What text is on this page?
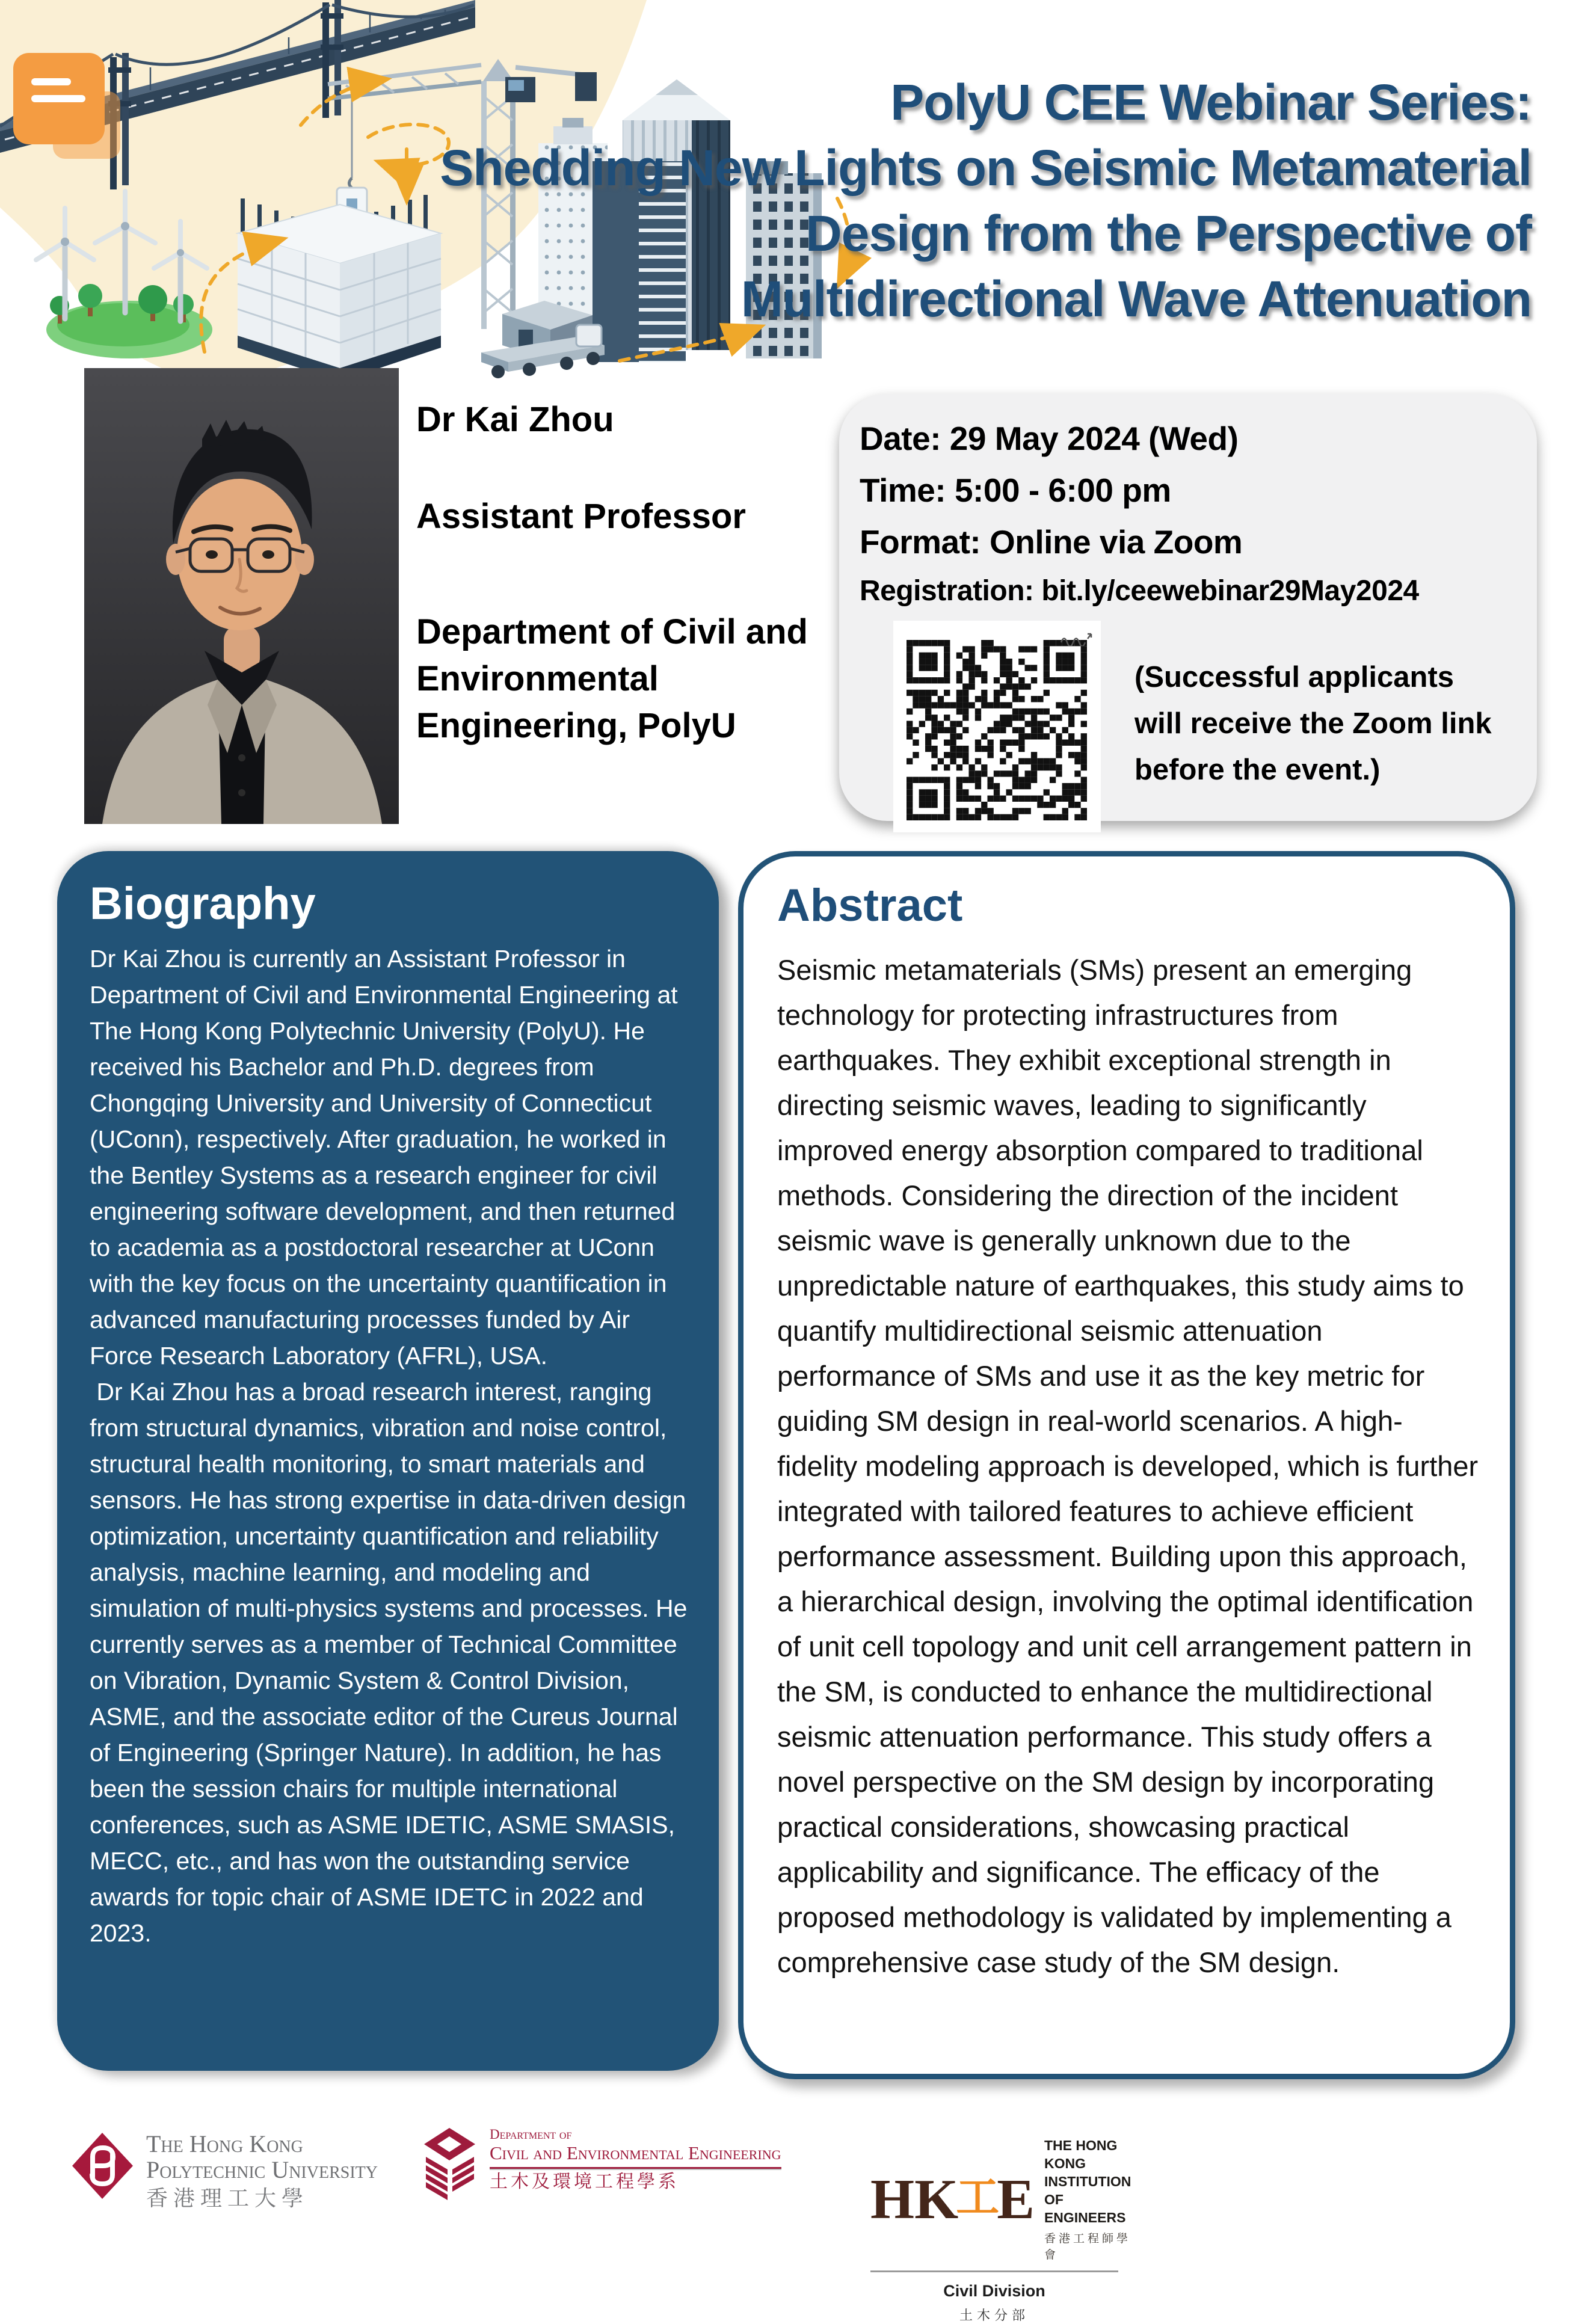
PolyU CEE Webinar Series:
Shedding New Lights on Seismic Metamaterial
Design from the Perspective of
Multidirectional Wave Attenuation
Dr Kai Zhou
Assistant Professor
Department of Civil and Environmental Engineering, PolyU
Date: 29 May 2024 (Wed)
Time: 5:00 - 6:00 pm
Format: Online via Zoom
Registration: bit.ly/ceewebinar29May2024
(Successful applicants will receive the Zoom link before the event.)
Biography

Dr Kai Zhou is currently an Assistant Professor in Department of Civil and Environmental Engineering at The Hong Kong Polytechnic University (PolyU). He received his Bachelor and Ph.D. degrees from Chongqing University and University of Connecticut (UConn), respectively. After graduation, he worked in the Bentley Systems as a research engineer for civil engineering software development, and then returned to academia as a postdoctoral researcher at UConn with the key focus on the uncertainty quantification in advanced manufacturing processes funded by Air Force Research Laboratory (AFRL), USA.

Dr Kai Zhou has a broad research interest, ranging from structural dynamics, vibration and noise control, structural health monitoring, to smart materials and sensors. He has strong expertise in data-driven design optimization, uncertainty quantification and reliability analysis, machine learning, and modeling and simulation of multi-physics systems and processes. He currently serves as a member of Technical Committee on Vibration, Dynamic System & Control Division, ASME, and the associate editor of the Cureus Journal of Engineering (Springer Nature). In addition, he has been the session chairs for multiple international conferences, such as ASME IDETIC, ASME SMASIS, MECC, etc., and has won the outstanding service awards for topic chair of ASME IDETC in 2022 and 2023.

Abstract

Seismic metamaterials (SMs) present an emerging technology for protecting infrastructures from earthquakes. They exhibit exceptional strength in directing seismic waves, leading to significantly improved energy absorption compared to traditional methods. Considering the direction of the incident seismic wave is generally unknown due to the unpredictable nature of earthquakes, this study aims to quantify multidirectional seismic attenuation performance of SMs and use it as the key metric for guiding SM design in real-world scenarios. A high-fidelity modeling approach is developed, which is further integrated with tailored features to achieve efficient performance assessment. Building upon this approach, a hierarchical design, involving the optimal identification of unit cell topology and unit cell arrangement pattern in the SM, is conducted to enhance the multidirectional seismic attenuation performance. This study offers a novel perspective on the SM design by incorporating practical considerations, showcasing practical applicability and significance. The efficacy of the proposed methodology is validated by implementing a comprehensive case study of the SM design.

The Hong Kong
Polytechnic University
香港理工大學
Department of
Civil and Environmental Engineering
土木及環境工程學系	HK
工
E
THE HONG KONG
INSTITUTION OF ENGINEERS
香港工程師學會
Civil Division
土木分部
